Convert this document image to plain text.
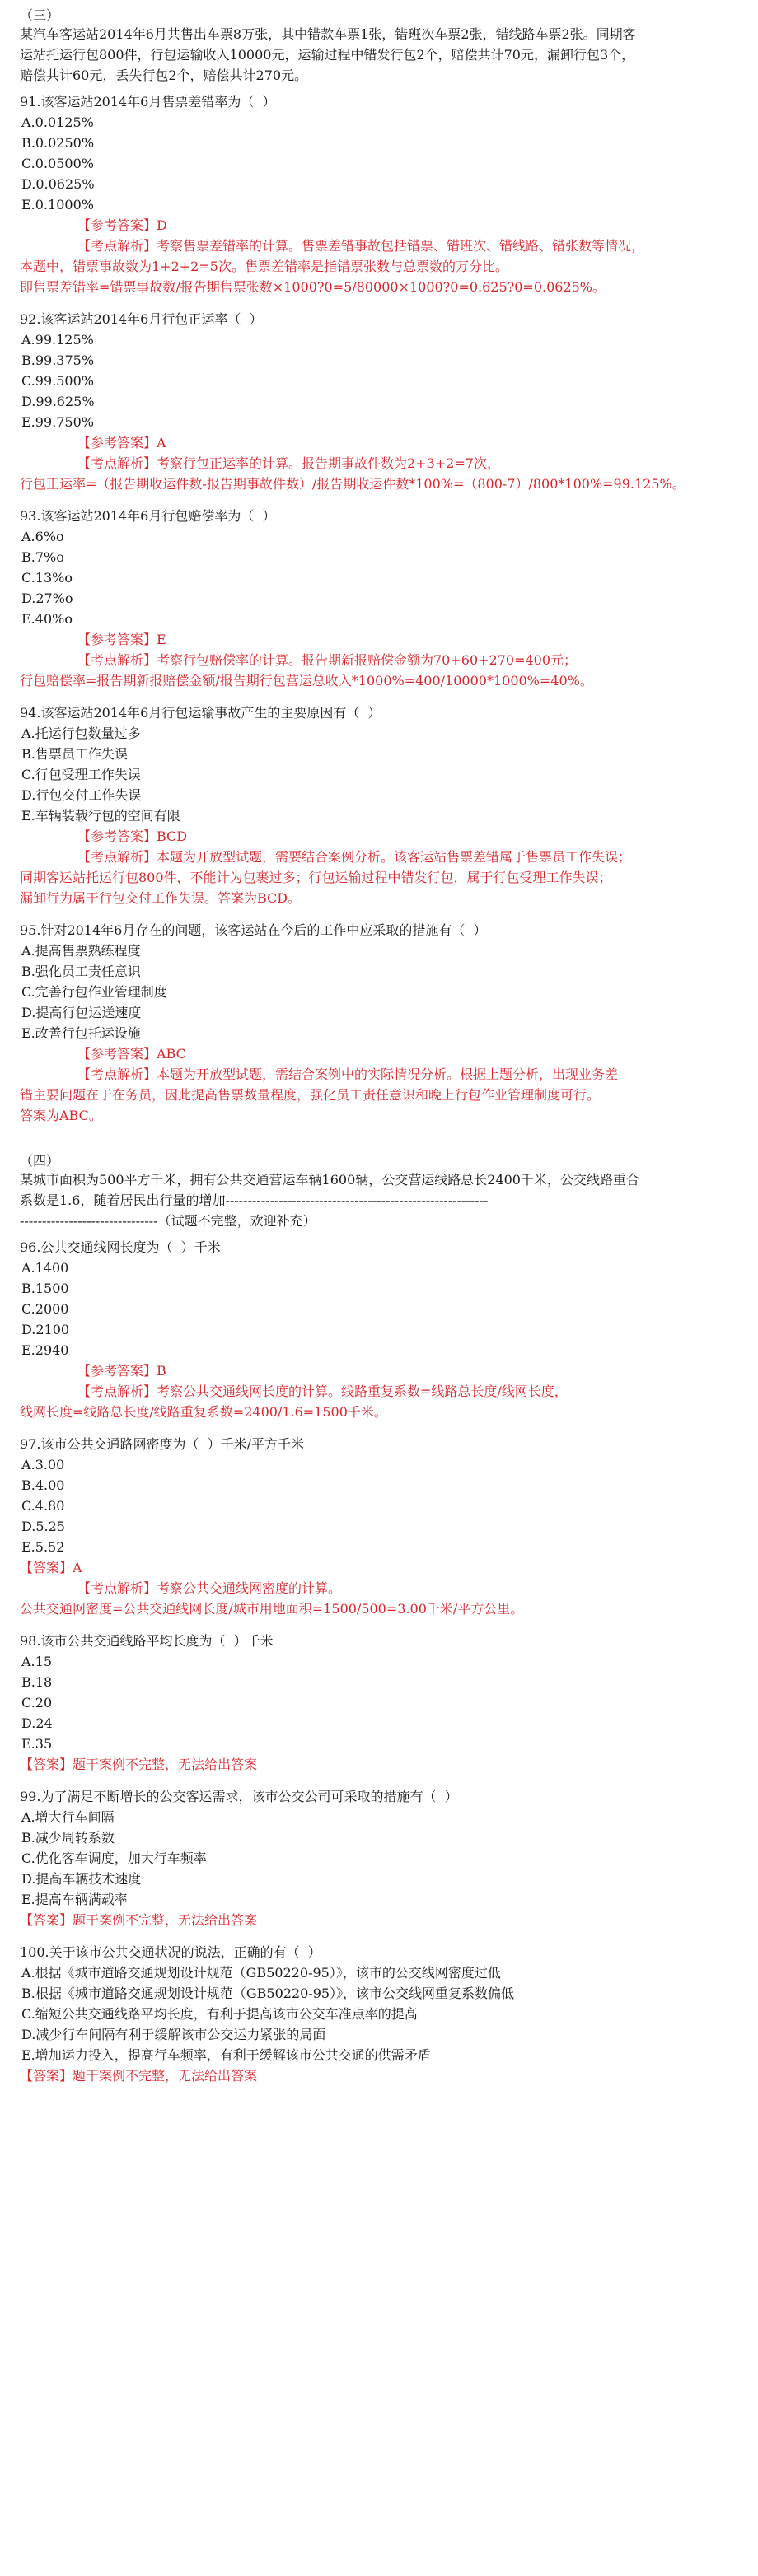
（三）

某汽车客运站2014年6月共售出车票8万张，其中错款车票1张，错班次车票2张，错线路车票2张。同期客

运站托运行包800件，行包运输收入10000元，运输过程中错发行包2个，赔偿共计70元，漏卸行包3个，

赔偿共计60元，丢失行包2个，赔偿共计270元。

91.该客运站2014年6月售票差错率为（  ）

A.0.0125%

B.0.0250%

C.0.0500%

D.0.0625%

E.0.1000%

【参考答案】D

【考点解析】考察售票差错率的计算。售票差错事故包括错票、错班次、错线路、错张数等情况，

本题中，错票事故数为1+2+2=5次。售票差错率是指错票张数与总票数的万分比。

即售票差错率=错票事故数/报告期售票张数×1000?0=5/80000×1000?0=0.625?0=0.0625%。

92.该客运站2014年6月行包正运率（  ）

A.99.125%

B.99.375%

C.99.500%

D.99.625%

E.99.750%

【参考答案】A

【考点解析】考察行包正运率的计算。报告期事故件数为2+3+2=7次，

行包正运率=（报告期收运件数-报告期事故件数）/报告期收运件数*100%=（800-7）/800*100%=99.125%。

93.该客运站2014年6月行包赔偿率为（  ）

A.6%o

B.7%o

C.13%o

D.27%o

E.40%o

【参考答案】E

【考点解析】考察行包赔偿率的计算。报告期新报赔偿金额为70+60+270=400元；

行包赔偿率=报告期新报赔偿金额/报告期行包营运总收入*1000%=400/10000*1000%=40%。

94.该客运站2014年6月行包运输事故产生的主要原因有（  ）

A.托运行包数量过多

B.售票员工作失误

C.行包受理工作失误

D.行包交付工作失误

E.车辆装载行包的空间有限

【参考答案】BCD

【考点解析】本题为开放型试题，需要结合案例分析。该客运站售票差错属于售票员工作失误；

同期客运站托运行包800件，不能计为包裹过多；行包运输过程中错发行包，属于行包受理工作失误；

漏卸行为属于行包交付工作失误。答案为BCD。

95.针对2014年6月存在的问题，该客运站在今后的工作中应采取的措施有（  ）

A.提高售票熟练程度

B.强化员工责任意识

C.完善行包作业管理制度

D.提高行包运送速度

E.改善行包托运设施

【参考答案】ABC

【考点解析】本题为开放型试题，需结合案例中的实际情况分析。根据上题分析，出现业务差

错主要问题在于在务员，因此提高售票数量程度，强化员工责任意识和晚上行包作业管理制度可行。

答案为ABC。

（四）

某城市面积为500平方千米，拥有公共交通营运车辆1600辆，公交营运线路总长2400千米，公交线路重合

系数是1.6，随着居民出行量的增加-----------------------------------------------------------

-------------------------------（试题不完整，欢迎补充）

96.公共交通线网长度为（  ）千米

A.1400

B.1500

C.2000

D.2100

E.2940

【参考答案】B

【考点解析】考察公共交通线网长度的计算。线路重复系数=线路总长度/线网长度，

线网长度=线路总长度/线路重复系数=2400/1.6=1500千米。

97.该市公共交通路网密度为（  ）千米/平方千米

A.3.00

B.4.00

C.4.80

D.5.25

E.5.52

【答案】A

【考点解析】考察公共交通线网密度的计算。

公共交通网密度=公共交通线网长度/城市用地面积=1500/500=3.00千米/平方公里。

98.该市公共交通线路平均长度为（  ）千米

A.15

B.18

C.20

D.24

E.35

【答案】题干案例不完整，无法给出答案

99.为了满足不断增长的公交客运需求，该市公交公司可采取的措施有（  ）

A.增大行车间隔

B.减少周转系数

C.优化客车调度，加大行车频率

D.提高车辆技术速度

E.提高车辆满载率

【答案】题干案例不完整，无法给出答案

100.关于该市公共交通状况的说法，正确的有（  ）

A.根据《城市道路交通规划设计规范（GB50220-95）》，该市的公交线网密度过低

B.根据《城市道路交通规划设计规范（GB50220-95）》，该市公交线网重复系数偏低

C.缩短公共交通线路平均长度，有利于提高该市公交车准点率的提高

D.减少行车间隔有利于缓解该市公交运力紧张的局面

E.增加运力投入，提高行车频率，有利于缓解该市公共交通的供需矛盾

【答案】题干案例不完整，无法给出答案
